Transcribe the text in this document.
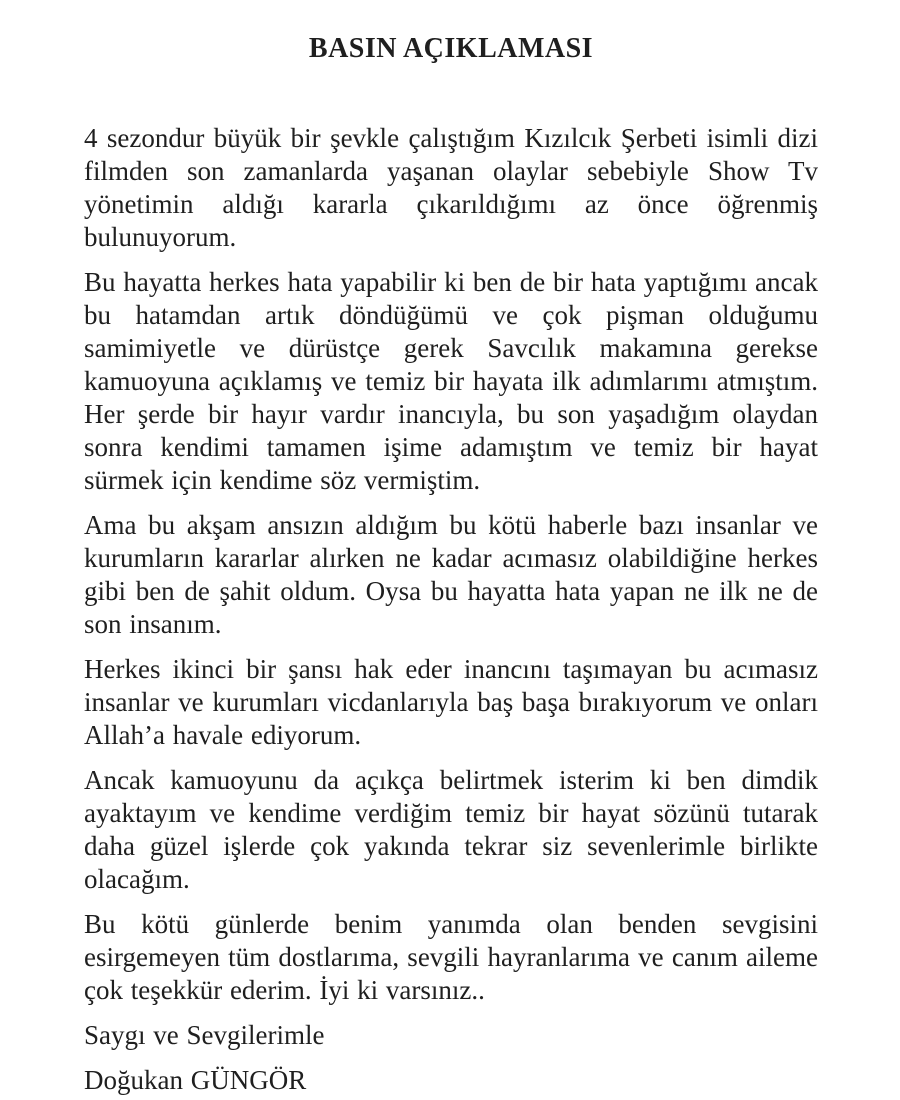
BASIN AÇIKLAMASI

4 sezondur büyük bir şevkle çalıştığım Kızılcık Şerbeti isimli dizi filmden son zamanlarda yaşanan olaylar sebebiyle Show Tv yönetimin aldığı kararla çıkarıldığımı az önce öğrenmiş bulunuyorum.

Bu hayatta herkes hata yapabilir ki ben de bir hata yaptığımı ancak bu hatamdan artık döndüğümü ve çok pişman olduğumu samimiyetle ve dürüstçe gerek Savcılık makamına gerekse kamuoyuna açıklamış ve temiz bir hayata ilk adımlarımı atmıştım. Her şerde bir hayır vardır inancıyla, bu son yaşadığım olaydan sonra kendimi tamamen işime adamıştım ve temiz bir hayat sürmek için kendime söz vermiştim.

Ama bu akşam ansızın aldığım bu kötü haberle bazı insanlar ve kurumların kararlar alırken ne kadar acımasız olabildiğine herkes gibi ben de şahit oldum. Oysa bu hayatta hata yapan ne ilk ne de son insanım.

Herkes ikinci bir şansı hak eder inancını taşımayan bu acımasız insanlar ve kurumları vicdanlarıyla baş başa bırakıyorum ve onları Allah’a havale ediyorum.

Ancak kamuoyunu da açıkça belirtmek isterim ki ben dimdik ayaktayım ve kendime verdiğim temiz bir hayat sözünü tutarak daha güzel işlerde çok yakında tekrar siz sevenlerimle birlikte olacağım.

Bu kötü günlerde benim yanımda olan benden sevgisini esirgemeyen tüm dostlarıma, sevgili hayranlarıma ve canım aileme çok teşekkür ederim. İyi ki varsınız..

Saygı ve Sevgilerimle

Doğukan GÜNGÖR
